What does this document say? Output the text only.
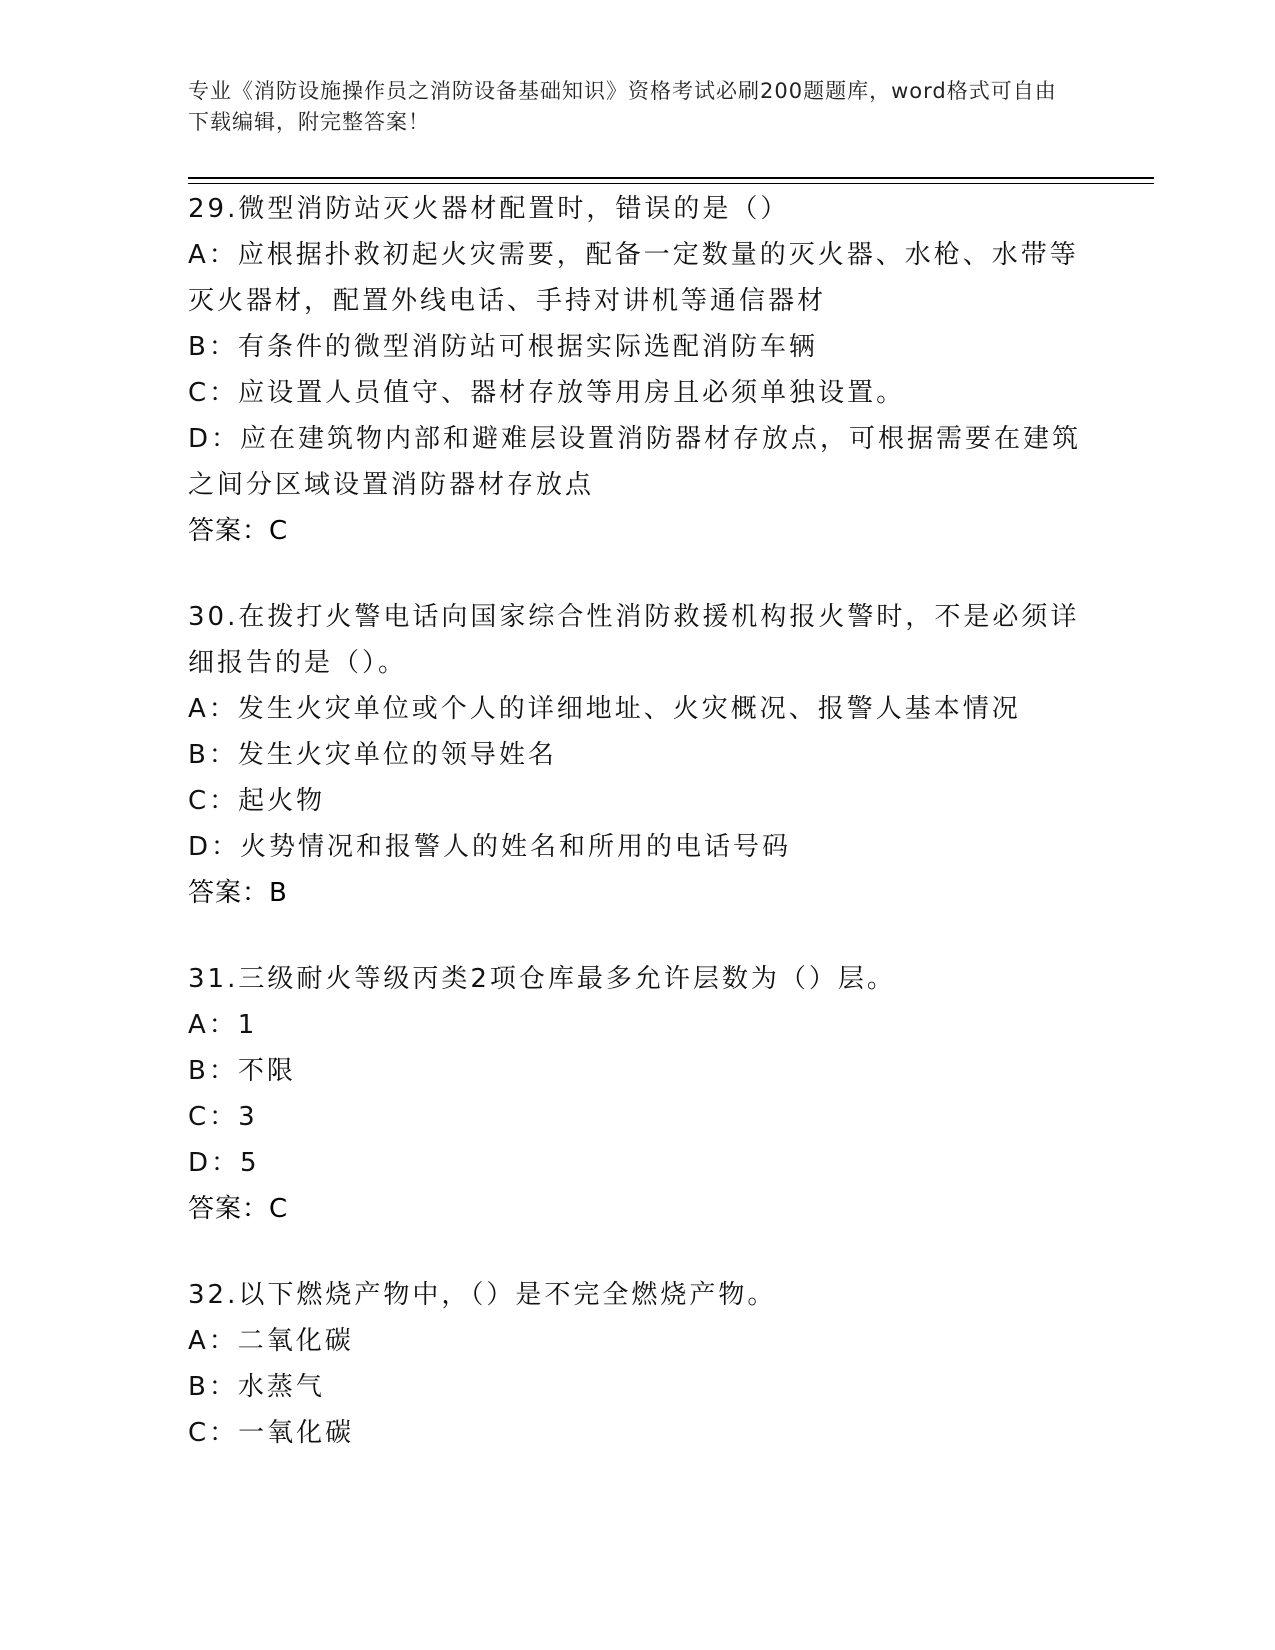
专业《消防设施操作员之消防设备基础知识》资格考试必刷200题题库，word格式可自由下载编辑，附完整答案！
29.微型消防站灭火器材配置时，错误的是（）
A：应根据扑救初起火灾需要，配备一定数量的灭火器、水枪、水带等灭火器材，配置外线电话、手持对讲机等通信器材
B：有条件的微型消防站可根据实际选配消防车辆
C：应设置人员值守、器材存放等用房且必须单独设置。
D：应在建筑物内部和避难层设置消防器材存放点，可根据需要在建筑之间分区域设置消防器材存放点
答案：C
30.在拨打火警电话向国家综合性消防救援机构报火警时，不是必须详细报告的是（）。
A：发生火灾单位或个人的详细地址、火灾概况、报警人基本情况
B：发生火灾单位的领导姓名
C：起火物
D：火势情况和报警人的姓名和所用的电话号码
答案：B
31.三级耐火等级丙类2项仓库最多允许层数为（）层。
A：1
B：不限
C：3
D：5
答案：C
32.以下燃烧产物中，（）是不完全燃烧产物。
A：二氧化碳
B：水蒸气
C：一氧化碳
